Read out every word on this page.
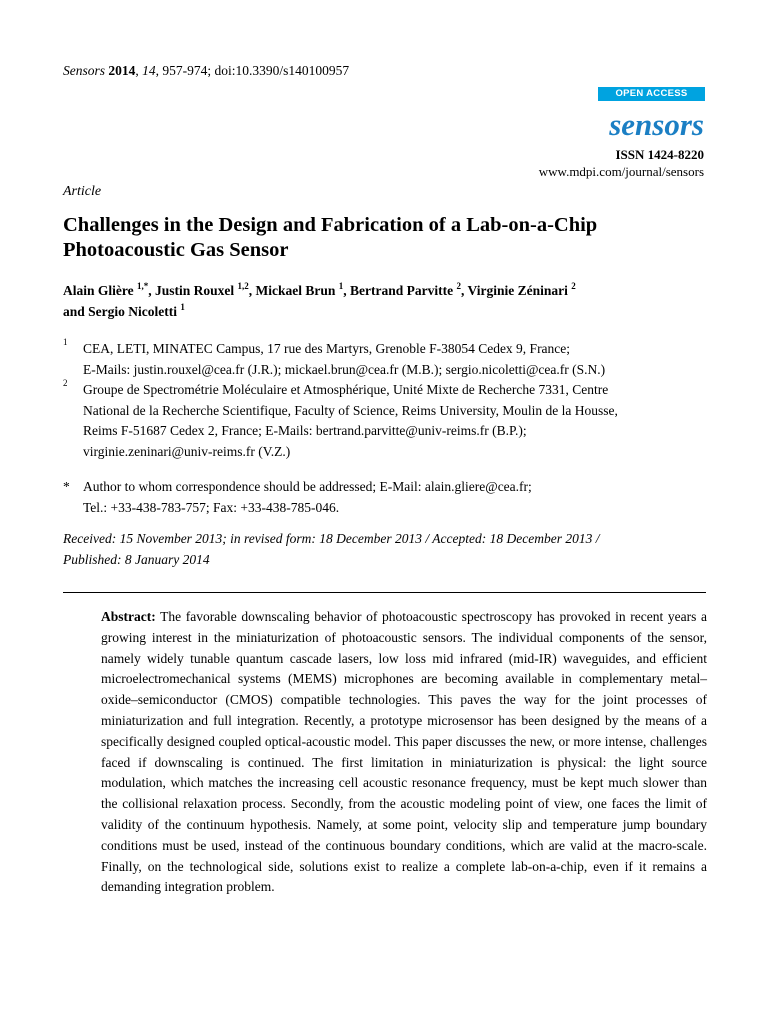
Sensors 2014, 14, 957-974; doi:10.3390/s140100957
OPEN ACCESS
sensors
ISSN 1424-8220
www.mdpi.com/journal/sensors
Article
Challenges in the Design and Fabrication of a Lab-on-a-Chip Photoacoustic Gas Sensor
Alain Glière $^{1,*}$, Justin Rouxel $^{1,2}$, Mickael Brun $^1$, Bertrand Parvitte $^2$, Virginie Zéninari $^2$
and Sergio Nicoletti $^1$
1 CEA, LETI, MINATEC Campus, 17 rue des Martyrs, Grenoble F-38054 Cedex 9, France;
E-Mails: justin.rouxel@cea.fr (J.R.); mickael.brun@cea.fr (M.B.); sergio.nicoletti@cea.fr (S.N.)
2 Groupe de Spectrométrie Moléculaire et Atmosphérique, Unité Mixte de Recherche 7331, Centre
National de la Recherche Scientifique, Faculty of Science, Reims University, Moulin de la Housse,
Reims F-51687 Cedex 2, France; E-Mails: bertrand.parvitte@univ-reims.fr (B.P.);
virginie.zeninari@univ-reims.fr (V.Z.)
* Author to whom correspondence should be addressed; E-Mail: alain.gliere@cea.fr;
Tel.: +33-438-783-757; Fax: +33-438-785-046.
Received: 15 November 2013; in revised form: 18 December 2013 / Accepted: 18 December 2013 /
Published: 8 January 2014

Abstract: The favorable downscaling behavior of photoacoustic spectroscopy has provoked in recent years a growing interest in the miniaturization of photoacoustic sensors. The individual components of the sensor, namely widely tunable quantum cascade lasers, low loss mid infrared (mid-IR) waveguides, and efficient microelectromechanical systems (MEMS) microphones are becoming available in complementary metal–oxide–semiconductor (CMOS) compatible technologies. This paves the way for the joint processes of miniaturization and full integration. Recently, a prototype microsensor has been designed by the means of a specifically designed coupled optical-acoustic model. This paper discusses the new, or more intense, challenges faced if downscaling is continued. The first limitation in miniaturization is physical: the light source modulation, which matches the increasing cell acoustic resonance frequency, must be kept much slower than the collisional relaxation process. Secondly, from the acoustic modeling point of view, one faces the limit of validity of the continuum hypothesis. Namely, at some point, velocity slip and temperature jump boundary conditions must be used, instead of the continuous boundary conditions, which are valid at the macro-scale. Finally, on the technological side, solutions exist to realize a complete lab-on-a-chip, even if it remains a demanding integration problem.
